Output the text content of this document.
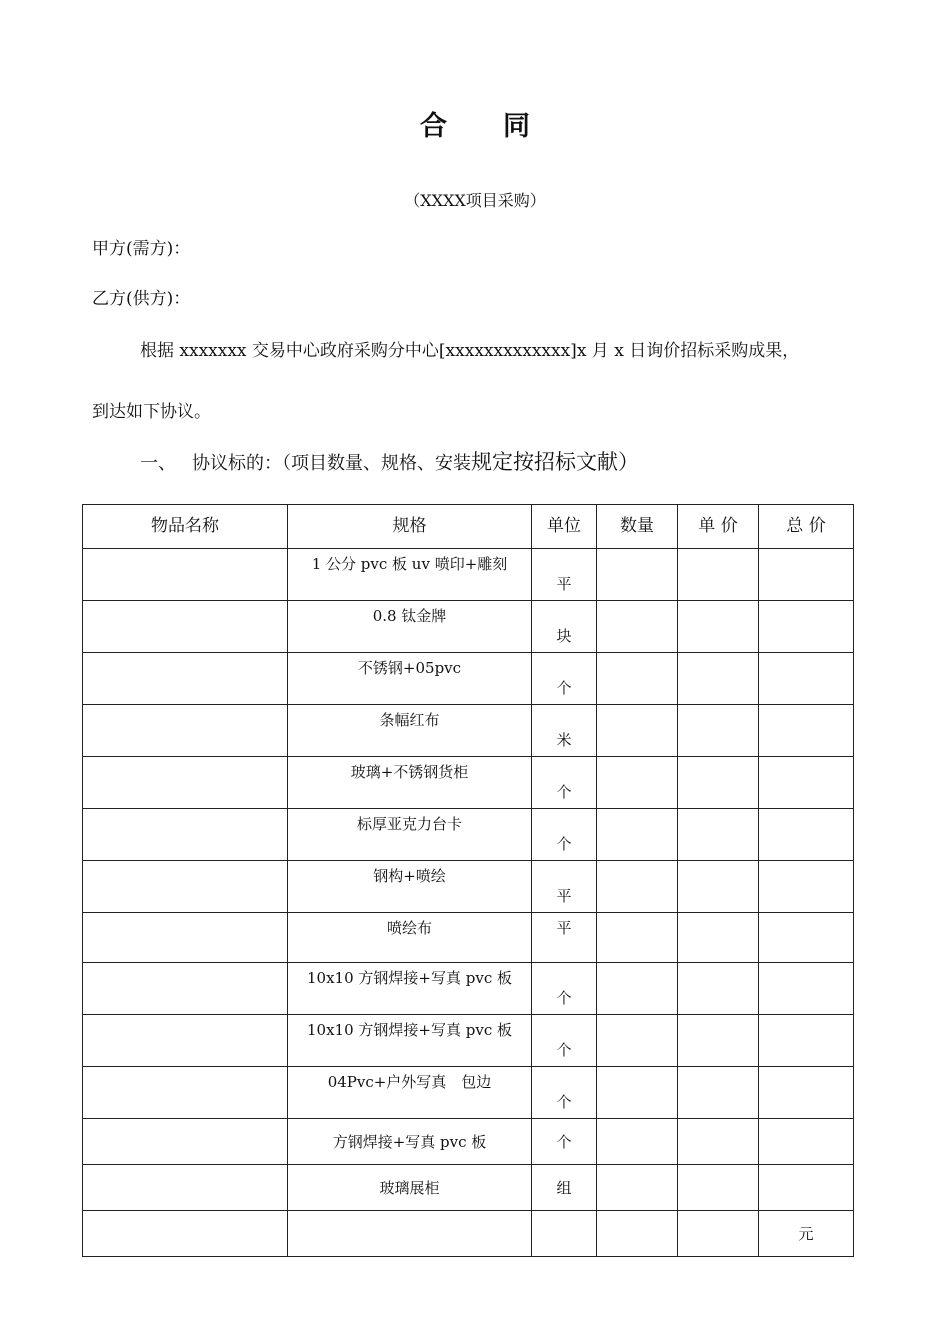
合同
（XXXX项目采购）
甲方(需方)：
乙方(供方)：
根据 xxxxxxx 交易中心政府采购分中心[xxxxxxxxxxxxx]x 月 x 日询价招标采购成果，
到达如下协议。
一、 协议标的：（项目数量、规格、安装规定按招标文献）
物品名称	规格	单位	数量	单 价	总 价
	1 公分 pvc 板 uv 喷印+雕刻	平			
	0.8 钛金牌	块			
	不锈钢+05pvc	个			
	条幅红布	米			
	玻璃+不锈钢货柜	个			
	标厚亚克力台卡	个			
	钢构+喷绘	平			
	喷绘布	平			
	10x10 方钢焊接+写真 pvc 板	个			
	10x10 方钢焊接+写真 pvc 板	个			
	04Pvc+户外写真　包边	个			
	方钢焊接+写真 pvc 板	个			
	玻璃展柜	组			
					元
